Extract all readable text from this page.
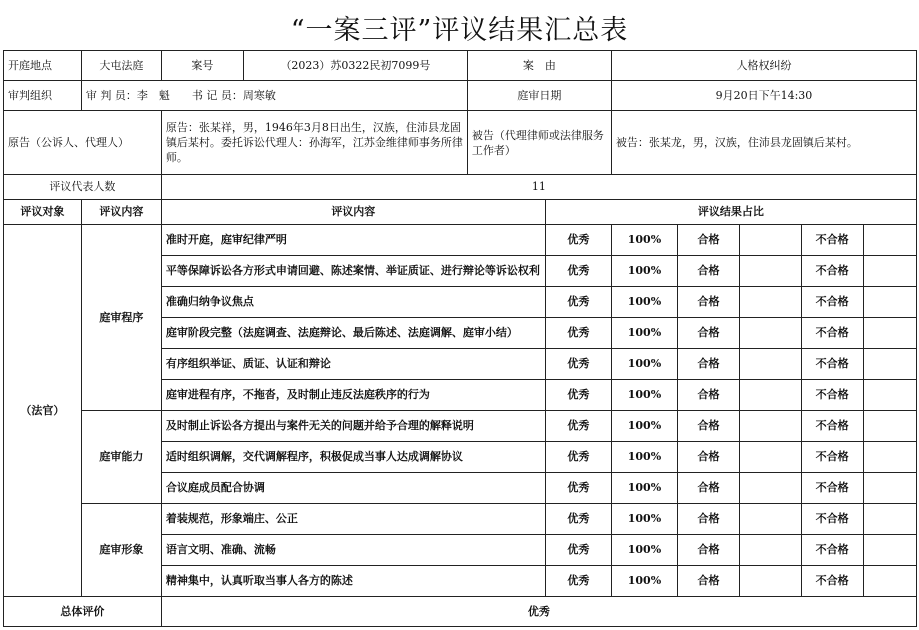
“一案三评”评议结果汇总表
开庭地点	大屯法庭	案号	（2023）苏0322民初7099号	案　由		人格权纠纷				
审判组织	审 判 员：李　魁　　书 记 员：周寒敏			庭审日期		9月20日下午14:30				
原告（公诉人、代理人）		原告：张某祥，男，1946年3月8日出生，汉族，住沛县龙固镇后某村。委托诉讼代理人：孙海军，江苏金维律师事务所律师。		被告（代理律师或法律服务工作者）		被告：张某龙，男，汉族，住沛县龙固镇后某村。				
评议代表人数		11								
评议对象	评议内容	评议内容			评议结果占比					
（法官）	庭审程序	准时开庭，庭审纪律严明			优秀	100%	合格		不合格	
		平等保障诉讼各方形式申请回避、陈述案情、举证质证、进行辩论等诉讼权利			优秀	100%	合格		不合格	
		准确归纳争议焦点			优秀	100%	合格		不合格	
		庭审阶段完整（法庭调查、法庭辩论、最后陈述、法庭调解、庭审小结）			优秀	100%	合格		不合格	
		有序组织举证、质证、认证和辩论			优秀	100%	合格		不合格	
		庭审进程有序，不拖沓，及时制止违反法庭秩序的行为			优秀	100%	合格		不合格	
	庭审能力	及时制止诉讼各方提出与案件无关的问题并给予合理的解释说明			优秀	100%	合格		不合格	
		适时组织调解，交代调解程序，积极促成当事人达成调解协议			优秀	100%	合格		不合格	
		合议庭成员配合协调			优秀	100%	合格		不合格	
	庭审形象	着装规范，形象端庄、公正			优秀	100%	合格		不合格	
		语言文明、准确、流畅			优秀	100%	合格		不合格	
		精神集中，认真听取当事人各方的陈述			优秀	100%	合格		不合格	
总体评价		优秀								
